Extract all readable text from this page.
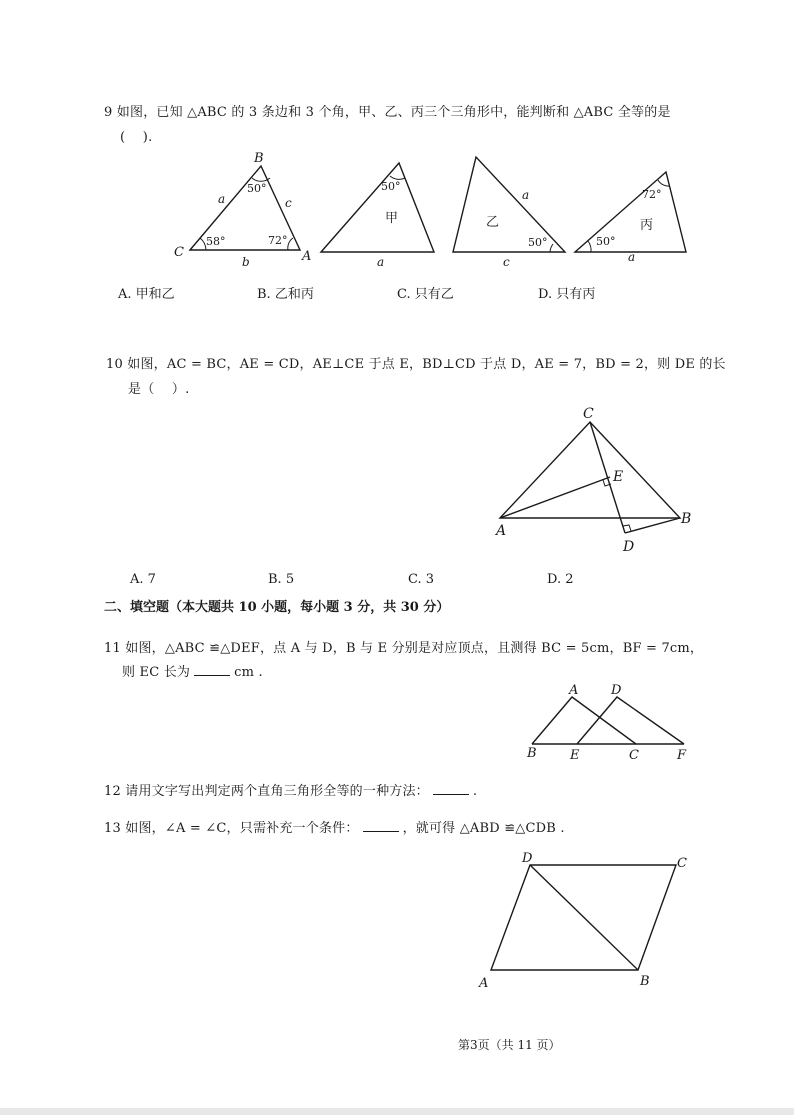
9 如图，已知 △ABC 的 3 条边和 3 个角，甲、乙、丙三个三角形中，能判断和 △ABC 全等的是
(　 ).
B
C	A
a	c
b
50°
58°	72°
50°
甲
a
a
乙
50°
c
72°
丙
50°
a
A. 甲和乙	B. 乙和丙	C. 只有乙	D. 只有丙
10 如图，AC = BC，AE = CD，AE⊥CE 于点 E，BD⊥CD 于点 D，AE = 7，BD = 2，则 DE 的长
是（　 ）.
C
E
A
B
D
A. 7	B. 5	C. 3	D. 2
二、填空题（本大题共 10 小题，每小题 3 分，共 30 分）
11 如图，△ABC ≌△DEF，点 A 与 D，B 与 E 分别是对应顶点，且测得 BC = 5cm，BF = 7cm，
则 EC 长为	cm .
A	D
B	E	C	F
12 请用文字写出判定两个直角三角形全等的一种方法：	.
13 如图，∠A = ∠C，只需补充一个条件：	，就可得 △ABD ≌△CDB .
D	C
A	B
第3页（共 11 页）
